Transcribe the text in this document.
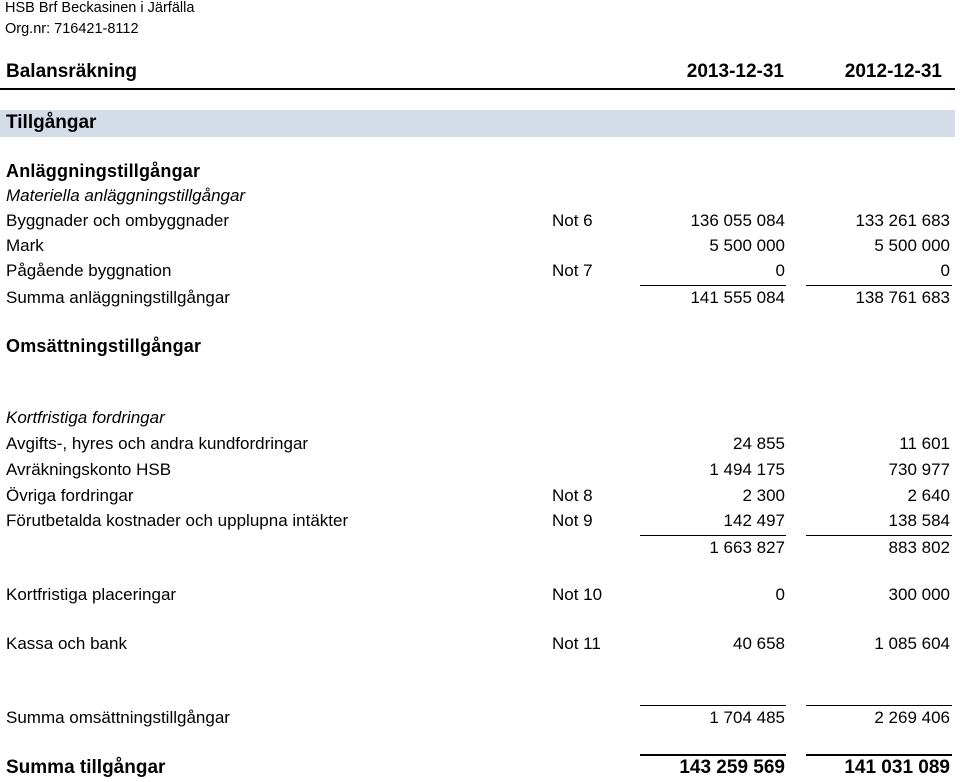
HSB Brf Beckasinen i Järfälla
Org.nr: 716421-8112
Balansräkning	2013-12-31	2012-12-31
Tillgångar
Anläggningstillgångar
Materiella anläggningstillgångar
Byggnader och ombyggnader	Not 6	136 055 084	133 261 683
Mark	5 500 000	5 500 000
Pågående byggnation	Not 7	0	0
Summa anläggningstillgångar	141 555 084	138 761 683
Omsättningstillgångar
Kortfristiga fordringar
Avgifts-, hyres och andra kundfordringar	24 855	11 601
Avräkningskonto HSB	1 494 175	730 977
Övriga fordringar	Not 8	2 300	2 640
Förutbetalda kostnader och upplupna intäkter	Not 9	142 497	138 584
1 663 827	883 802
Kortfristiga placeringar	Not 10	0	300 000
Kassa och bank	Not 11	40 658	1 085 604
Summa omsättningstillgångar	1 704 485	2 269 406
Summa tillgångar	143 259 569	141 031 089
